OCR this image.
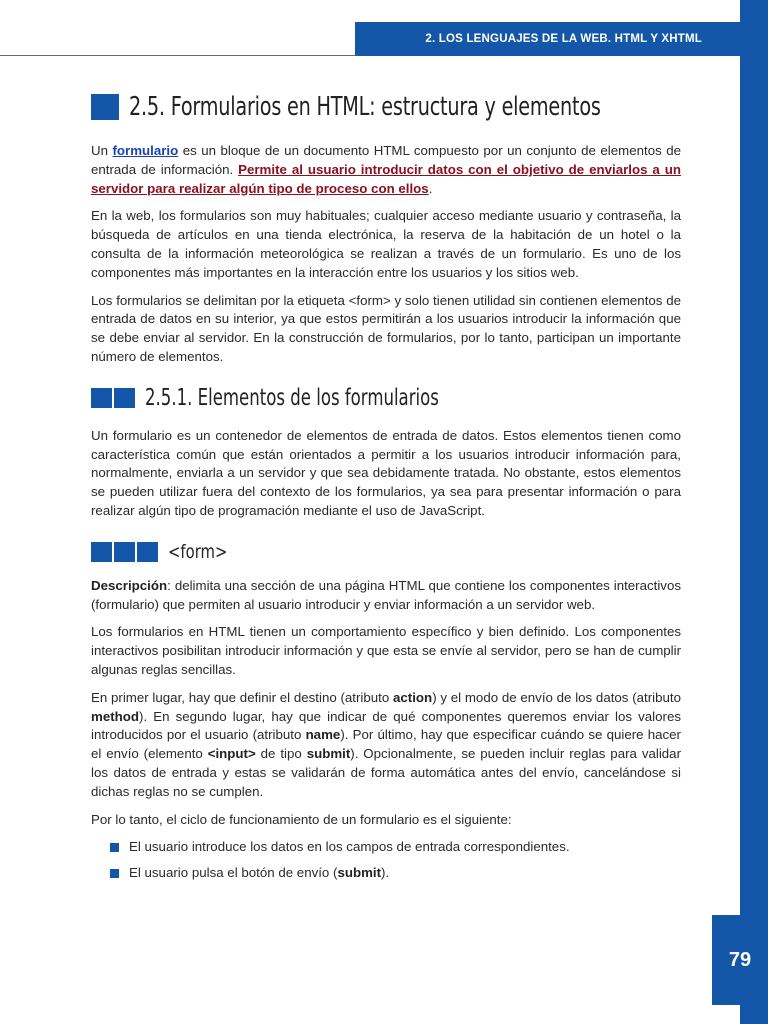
2. LOS LENGUAJES DE LA WEB. HTML Y XHTML
2.5. Formularios en HTML: estructura y elementos

Un formulario es un bloque de un documento HTML compuesto por un conjunto de elementos de entrada de información. Permite al usuario introducir datos con el objetivo de enviarlos a un servidor para realizar algún tipo de proceso con ellos.

En la web, los formularios son muy habituales; cualquier acceso mediante usuario y contraseña, la búsqueda de artículos en una tienda electrónica, la reserva de la habitación de un hotel o la consulta de la información meteorológica se realizan a través de un formulario. Es uno de los componentes más importantes en la interacción entre los usuarios y los sitios web.

Los formularios se delimitan por la etiqueta <form> y solo tienen utilidad sin contienen elementos de entrada de datos en su interior, ya que estos permitirán a los usuarios introducir la información que se debe enviar al servidor. En la construcción de formularios, por lo tanto, participan un importante número de elementos.

2.5.1. Elementos de los formularios

Un formulario es un contenedor de elementos de entrada de datos. Estos elementos tienen como característica común que están orientados a permitir a los usuarios introducir información para, normalmente, enviarla a un servidor y que sea debidamente tratada. No obstante, estos elementos se pueden utilizar fuera del contexto de los formularios, ya sea para presentar información o para realizar algún tipo de programación mediante el uso de JavaScript.

<form>

Descripción: delimita una sección de una página HTML que contiene los componentes interactivos (formulario) que permiten al usuario introducir y enviar información a un servidor web.

Los formularios en HTML tienen un comportamiento específico y bien definido. Los componentes interactivos posibilitan introducir información y que esta se envíe al servidor, pero se han de cumplir algunas reglas sencillas.

En primer lugar, hay que definir el destino (atributo action) y el modo de envío de los datos (atributo method). En segundo lugar, hay que indicar de qué componentes queremos enviar los valores introducidos por el usuario (atributo name). Por último, hay que especificar cuándo se quiere hacer el envío (elemento <input> de tipo submit). Opcionalmente, se pueden incluir reglas para validar los datos de entrada y estas se validarán de forma automática antes del envío, cancelándose si dichas reglas no se cumplen.

Por lo tanto, el ciclo de funcionamiento de un formulario es el siguiente:

El usuario introduce los datos en los campos de entrada correspondientes.
El usuario pulsa el botón de envío (submit).
79
